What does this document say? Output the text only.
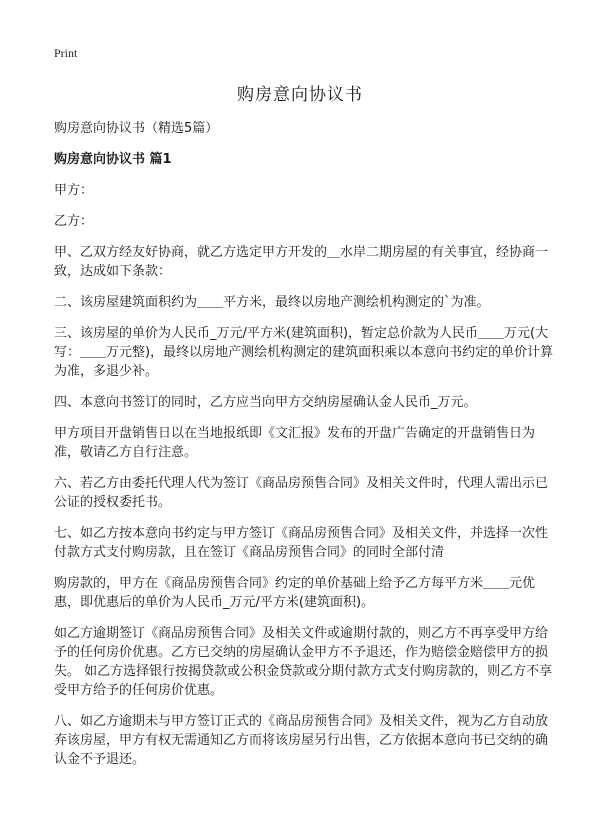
Print
购房意向协议书

购房意向协议书（精选5篇）

购房意向协议书 篇1

甲方：

乙方：

甲、乙双方经友好协商，就乙方选定甲方开发的＿水岸二期房屋的有关事宜，经协商一致，达成如下条款：

二、该房屋建筑面积约为＿＿平方米，最终以房地产测绘机构测定的`为准。

三、该房屋的单价为人民币_万元/平方米(建筑面积)，暂定总价款为人民币＿＿万元(大写：＿＿万元整)，最终以房地产测绘机构测定的建筑面积乘以本意向书约定的单价计算为准，多退少补。

四、本意向书签订的同时，乙方应当向甲方交纳房屋确认金人民币_万元。

甲方项目开盘销售日以在当地报纸即《文汇报》发布的开盘广告确定的开盘销售日为准，敬请乙方自行注意。

六、若乙方由委托代理人代为签订《商品房预售合同》及相关文件时，代理人需出示已公证的授权委托书。

七、如乙方按本意向书约定与甲方签订《商品房预售合同》及相关文件，并选择一次性付款方式支付购房款，且在签订《商品房预售合同》的同时全部付清

购房款的，甲方在《商品房预售合同》约定的单价基础上给予乙方每平方米＿＿元优惠，即优惠后的单价为人民币_万元/平方米(建筑面积)。

如乙方逾期签订《商品房预售合同》及相关文件或逾期付款的，则乙方不再享受甲方给予的任何房价优惠。乙方已交纳的房屋确认金甲方不予退还，作为赔偿金赔偿甲方的损失。 如乙方选择银行按揭贷款或公积金贷款或分期付款方式支付购房款的，则乙方不享受甲方给予的任何房价优惠。

八、如乙方逾期未与甲方签订正式的《商品房预售合同》及相关文件，视为乙方自动放弃该房屋，甲方有权无需通知乙方而将该房屋另行出售，乙方依据本意向书已交纳的确认金不予退还。
